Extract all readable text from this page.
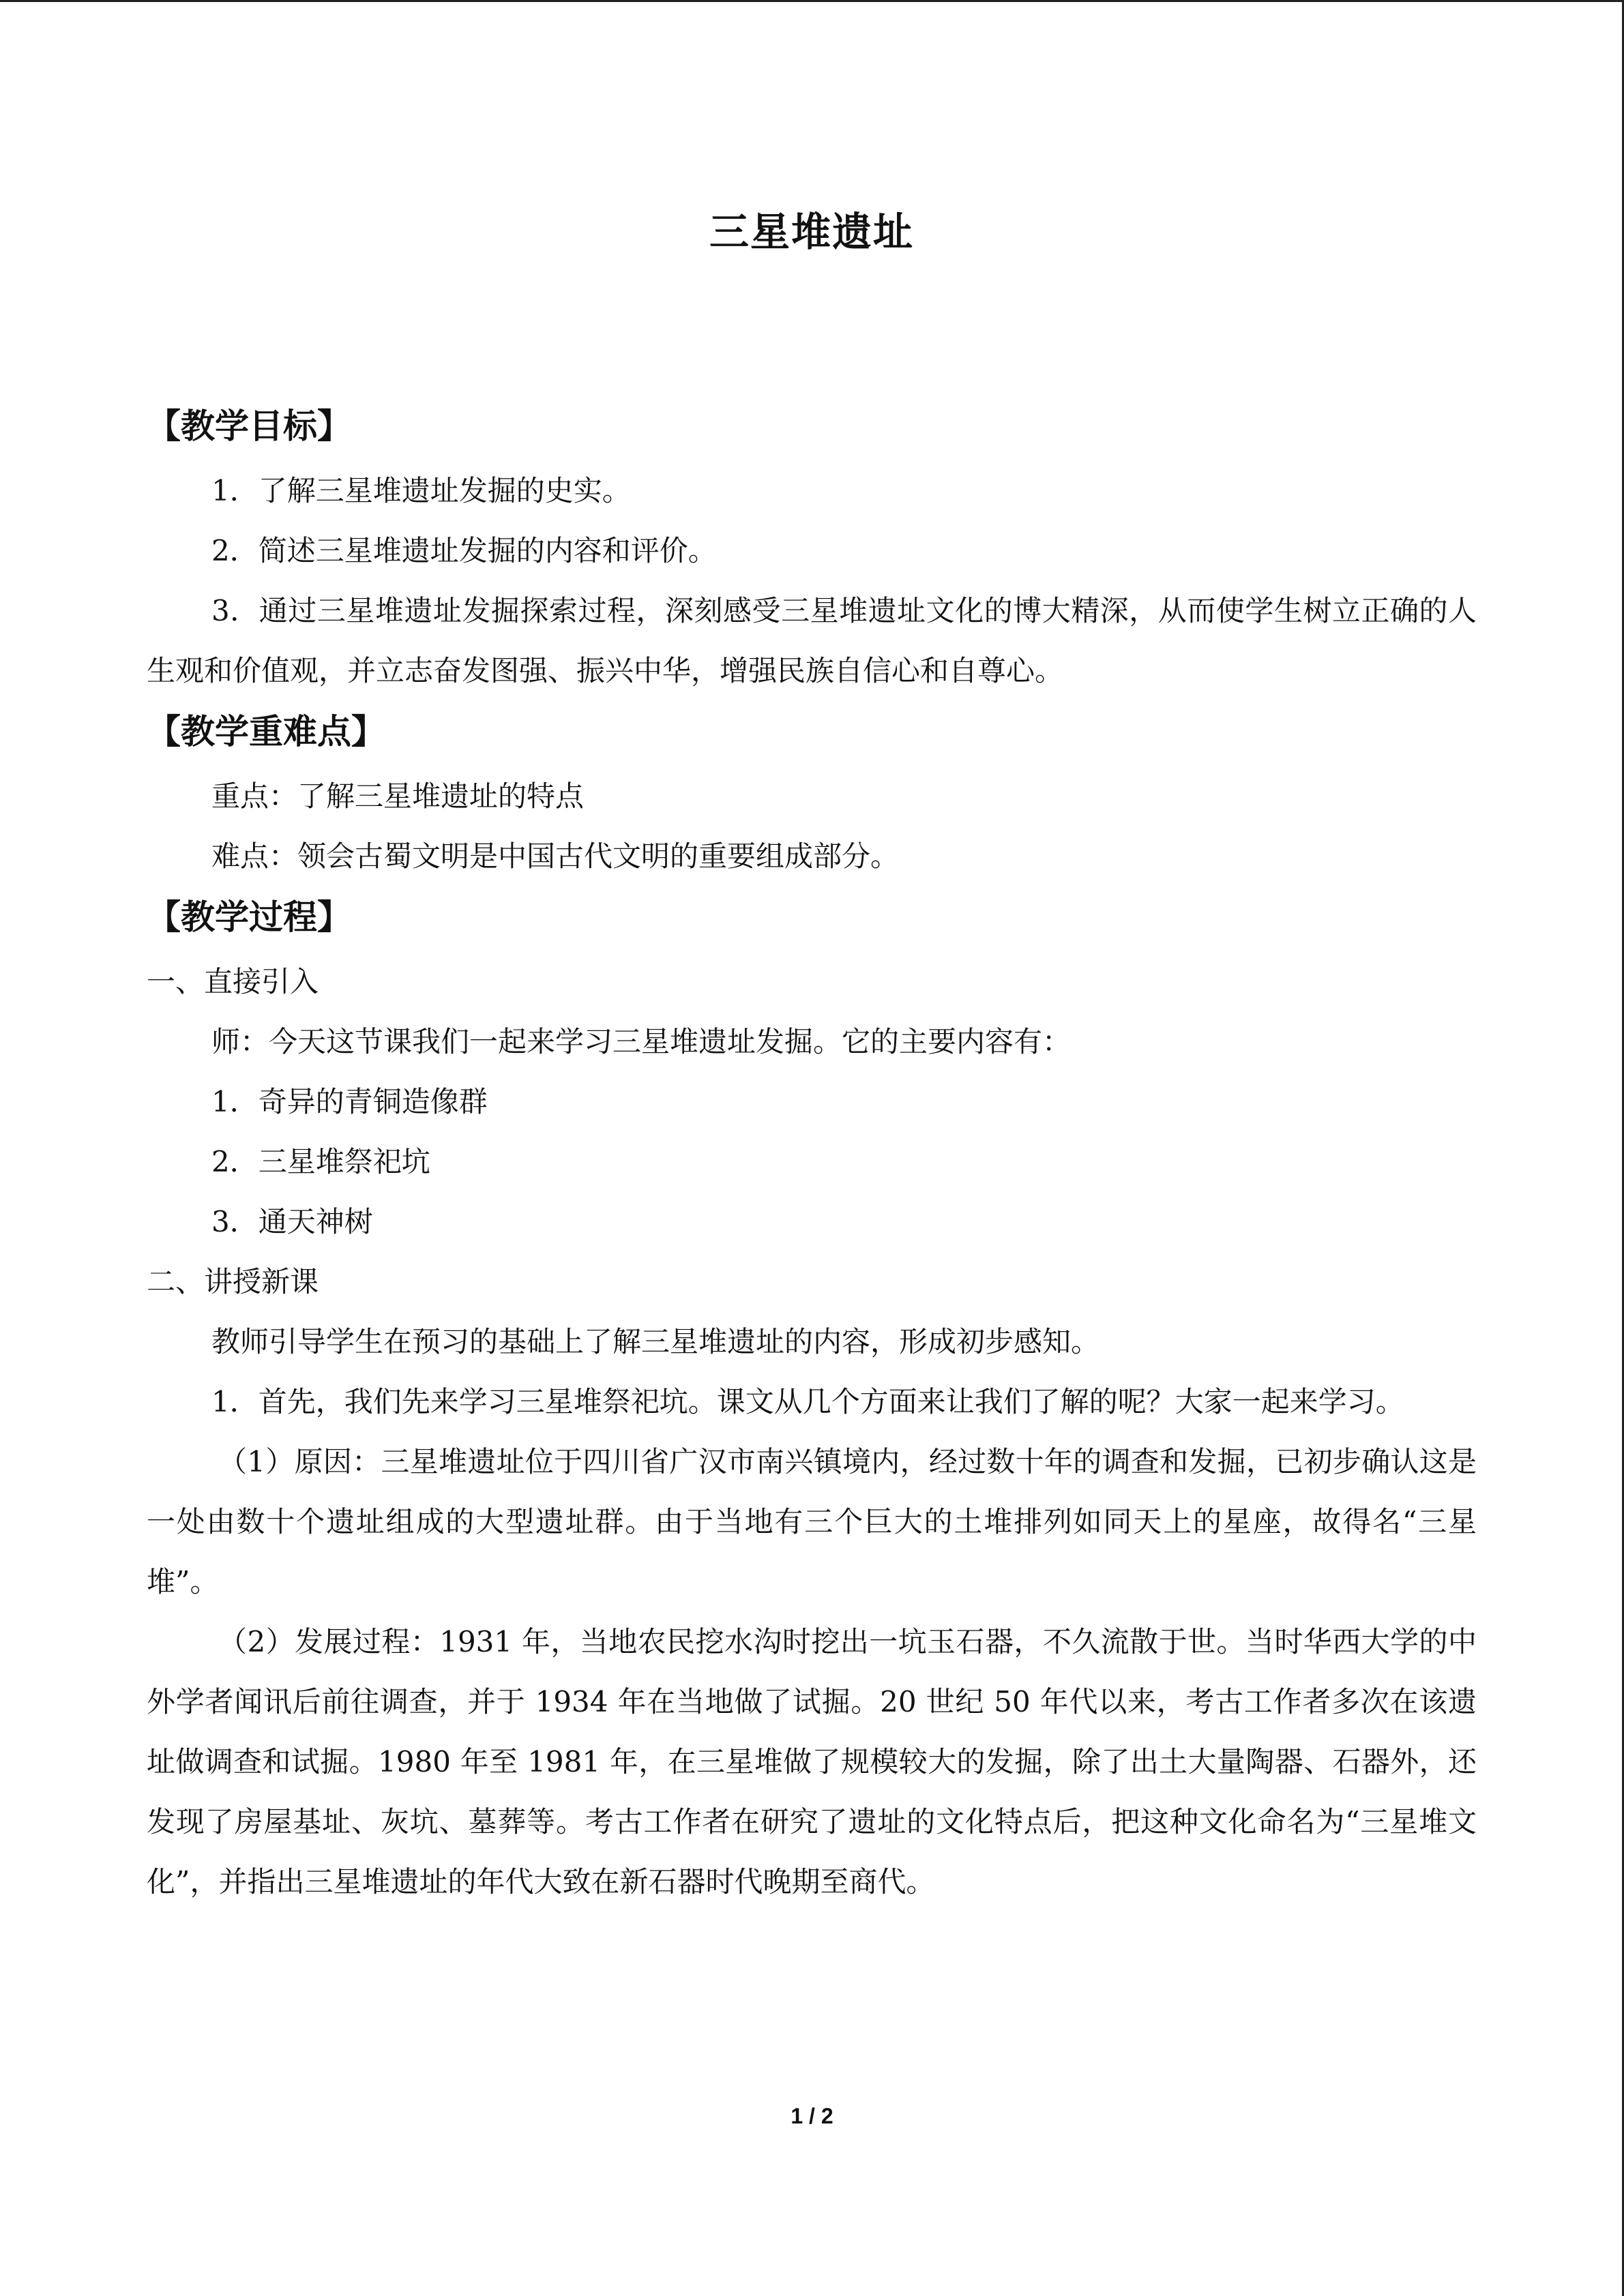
三星堆遗址
【教学目标】

1．了解三星堆遗址发掘的史实。

2．简述三星堆遗址发掘的内容和评价。

3．通过三星堆遗址发掘探索过程，深刻感受三星堆遗址文化的博大精深，从而使学生树立正确的人生观和价值观，并立志奋发图强、振兴中华，增强民族自信心和自尊心。

【教学重难点】

重点：了解三星堆遗址的特点

难点：领会古蜀文明是中国古代文明的重要组成部分。

【教学过程】

一、直接引入

师：今天这节课我们一起来学习三星堆遗址发掘。它的主要内容有：

1．奇异的青铜造像群

2．三星堆祭祀坑

3．通天神树

二、讲授新课

教师引导学生在预习的基础上了解三星堆遗址的内容，形成初步感知。

1．首先，我们先来学习三星堆祭祀坑。课文从几个方面来让我们了解的呢？大家一起来学习。

（1）原因：三星堆遗址位于四川省广汉市南兴镇境内，经过数十年的调查和发掘，已初步确认这是一处由数十个遗址组成的大型遗址群。由于当地有三个巨大的土堆排列如同天上的星座，故得名“三星堆”。

（2）发展过程：1931 年，当地农民挖水沟时挖出一坑玉石器，不久流散于世。当时华西大学的中外学者闻讯后前往调查，并于 1934 年在当地做了试掘。20 世纪 50 年代以来，考古工作者多次在该遗址做调查和试掘。1980 年至 1981 年，在三星堆做了规模较大的发掘，除了出土大量陶器、石器外，还发现了房屋基址、灰坑、墓葬等。考古工作者在研究了遗址的文化特点后，把这种文化命名为“三星堆文化”，并指出三星堆遗址的年代大致在新石器时代晚期至商代。

1 / 2
